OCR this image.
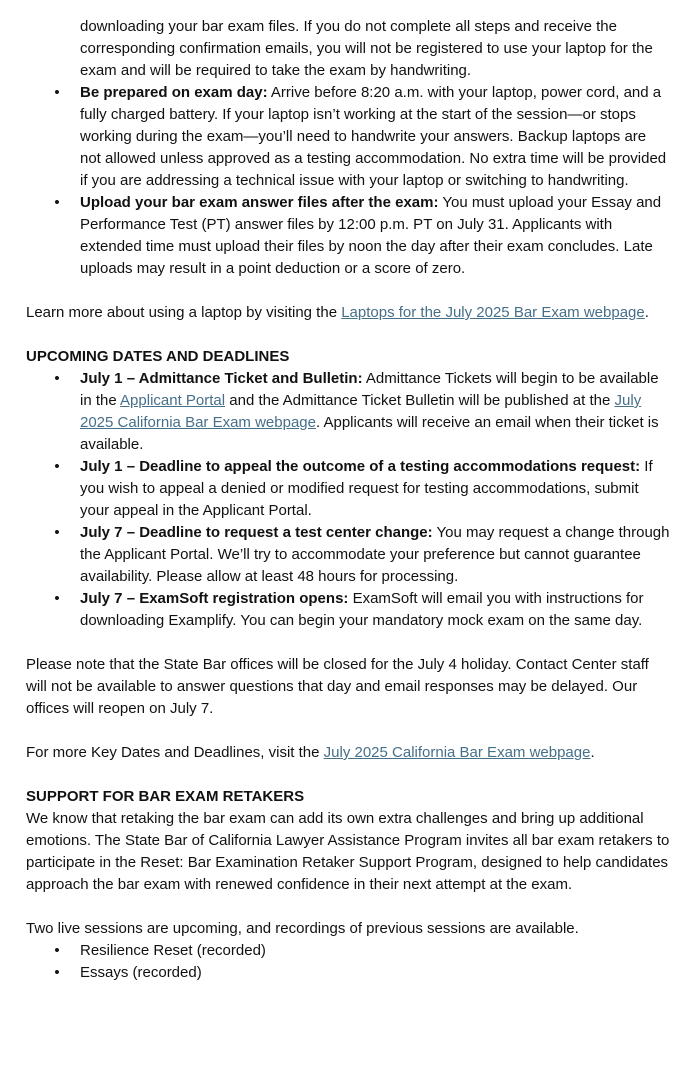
downloading your bar exam files. If you do not complete all steps and receive the corresponding confirmation emails, you will not be registered to use your laptop for the exam and will be required to take the exam by handwriting.

• Be prepared on exam day: Arrive before 8:20 a.m. with your laptop, power cord, and a fully charged battery. If your laptop isn’t working at the start of the session—or stops working during the exam—you’ll need to handwrite your answers. Backup laptops are not allowed unless approved as a testing accommodation. No extra time will be provided if you are addressing a technical issue with your laptop or switching to handwriting.
• Upload your bar exam answer files after the exam: You must upload your Essay and Performance Test (PT) answer files by 12:00 p.m. PT on July 31. Applicants with extended time must upload their files by noon the day after their exam concludes. Late uploads may result in a point deduction or a score of zero.

Learn more about using a laptop by visiting the Laptops for the July 2025 Bar Exam webpage.

UPCOMING DATES AND DEADLINES

• July 1 – Admittance Ticket and Bulletin: Admittance Tickets will begin to be available in the Applicant Portal and the Admittance Ticket Bulletin will be published at the July 2025 California Bar Exam webpage. Applicants will receive an email when their ticket is available.
• July 1 – Deadline to appeal the outcome of a testing accommodations request: If you wish to appeal a denied or modified request for testing accommodations, submit your appeal in the Applicant Portal.
• July 7 – Deadline to request a test center change: You may request a change through the Applicant Portal. We’ll try to accommodate your preference but cannot guarantee availability. Please allow at least 48 hours for processing.
• July 7 – ExamSoft registration opens: ExamSoft will email you with instructions for downloading Examplify. You can begin your mandatory mock exam on the same day.

Please note that the State Bar offices will be closed for the July 4 holiday. Contact Center staff will not be available to answer questions that day and email responses may be delayed. Our offices will reopen on July 7.

For more Key Dates and Deadlines, visit the July 2025 California Bar Exam webpage.

SUPPORT FOR BAR EXAM RETAKERS

We know that retaking the bar exam can add its own extra challenges and bring up additional emotions. The State Bar of California Lawyer Assistance Program invites all bar exam retakers to participate in the Reset: Bar Examination Retaker Support Program, designed to help candidates approach the bar exam with renewed confidence in their next attempt at the exam.

Two live sessions are upcoming, and recordings of previous sessions are available.

• Resilience Reset (recorded)
• Essays (recorded)
